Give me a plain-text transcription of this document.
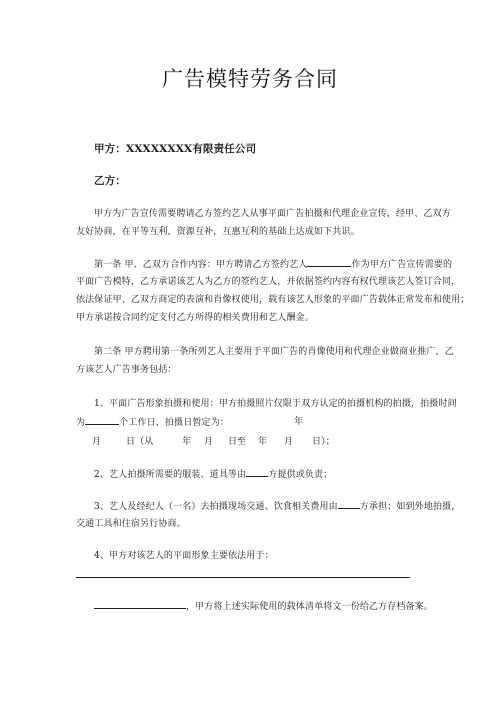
广告模特劳务合同
甲方：XXXXXXXX有限责任公司
乙方：
甲方为广告宣传需要聘请乙方签约艺人从事平面广告拍摄和代理企业宣传，经甲、乙双方
友好协商，在平等互利，资源互补，互惠互利的基础上达成如下共识。
第一条 甲、乙双方合作内容：甲方聘请乙方签约艺人	作为甲方广告宣传需要的
平面广告模特，乙方承诺该艺人为乙方的签约艺人，并依据签约内容有权代理该艺人签订合同，
依法保证甲、乙双方商定的表演和肖像权使用，载有该艺人形象的平面广告载体正常发布和使用；
甲方承诺按合同约定支付乙方所得的相关费用和艺人酬金。
第二条 甲方聘用第一条所列艺人主要用于平面广告的肖像使用和代理企业做商业推广，乙
方该艺人广告事务包括：
1、平面广告形象拍摄和使用：甲方拍摄照片仅限于双方认定的拍摄机构的拍摄，拍摄时间
为	个工作日，拍摄日暂定为：	年
月	日（从	年 月 日至 年 月 日）；
2、艺人拍摄所需要的服装、道具等由 方提供或负责；
3、艺人及经纪人（一名）去拍摄现场交通、饮食相关费用由 方承担；如到外地拍摄，
交通工具和住宿另行协商。
4、甲方对该艺人的平面形象主要依法用于：
，甲方将上述实际使用的载体清单将文一份给乙方存档备案。
